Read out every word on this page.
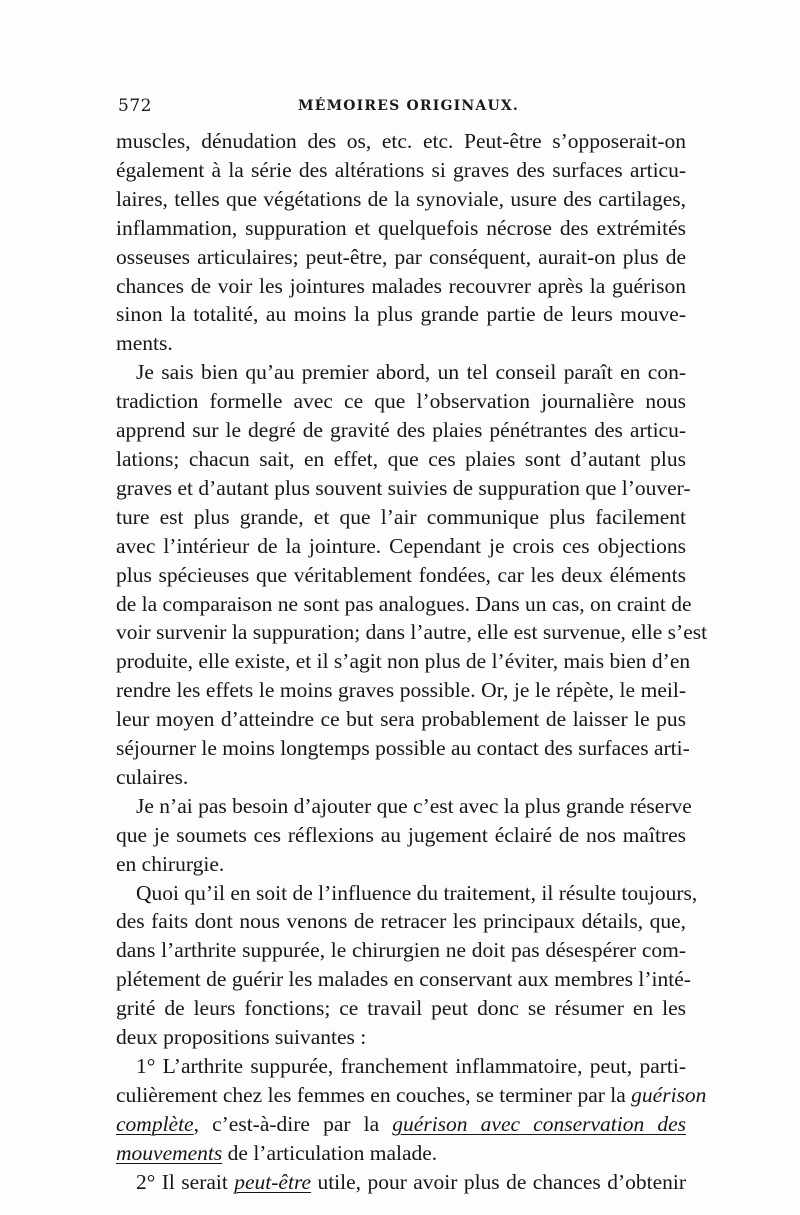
572	MÉMOIRES ORIGINAUX.

muscles, dénudation des os, etc. etc. Peut-être s’opposerait-on
également à la série des altérations si graves des surfaces articu-
laires, telles que végétations de la synoviale, usure des cartilages,
inflammation, suppuration et quelquefois nécrose des extrémités
osseuses articulaires; peut-être, par conséquent, aurait-on plus de
chances de voir les jointures malades recouvrer après la guérison
sinon la totalité, au moins la plus grande partie de leurs mouve-
ments.

Je sais bien qu’au premier abord, un tel conseil paraît en con-
tradiction formelle avec ce que l’observation journalière nous
apprend sur le degré de gravité des plaies pénétrantes des articu-
lations; chacun sait, en effet, que ces plaies sont d’autant plus
graves et d’autant plus souvent suivies de suppuration que l’ouver-
ture est plus grande, et que l’air communique plus facilement
avec l’intérieur de la jointure. Cependant je crois ces objections
plus spécieuses que véritablement fondées, car les deux éléments
de la comparaison ne sont pas analogues. Dans un cas, on craint de
voir survenir la suppuration; dans l’autre, elle est survenue, elle s’est
produite, elle existe, et il s’agit non plus de l’éviter, mais bien d’en
rendre les effets le moins graves possible. Or, je le répète, le meil-
leur moyen d’atteindre ce but sera probablement de laisser le pus
séjourner le moins longtemps possible au contact des surfaces arti-
culaires.

Je n’ai pas besoin d’ajouter que c’est avec la plus grande réserve
que je soumets ces réflexions au jugement éclairé de nos maîtres
en chirurgie.

Quoi qu’il en soit de l’influence du traitement, il résulte toujours,
des faits dont nous venons de retracer les principaux détails, que,
dans l’arthrite suppurée, le chirurgien ne doit pas désespérer com-
plétement de guérir les malades en conservant aux membres l’inté-
grité de leurs fonctions; ce travail peut donc se résumer en les
deux propositions suivantes :

1° L’arthrite suppurée, franchement inflammatoire, peut, parti-
culièrement chez les femmes en couches, se terminer par la guérison
complète, c’est-à-dire par la guérison avec conservation des
mouvements de l’articulation malade.

2° Il serait peut-être utile, pour avoir plus de chances d’obtenir
